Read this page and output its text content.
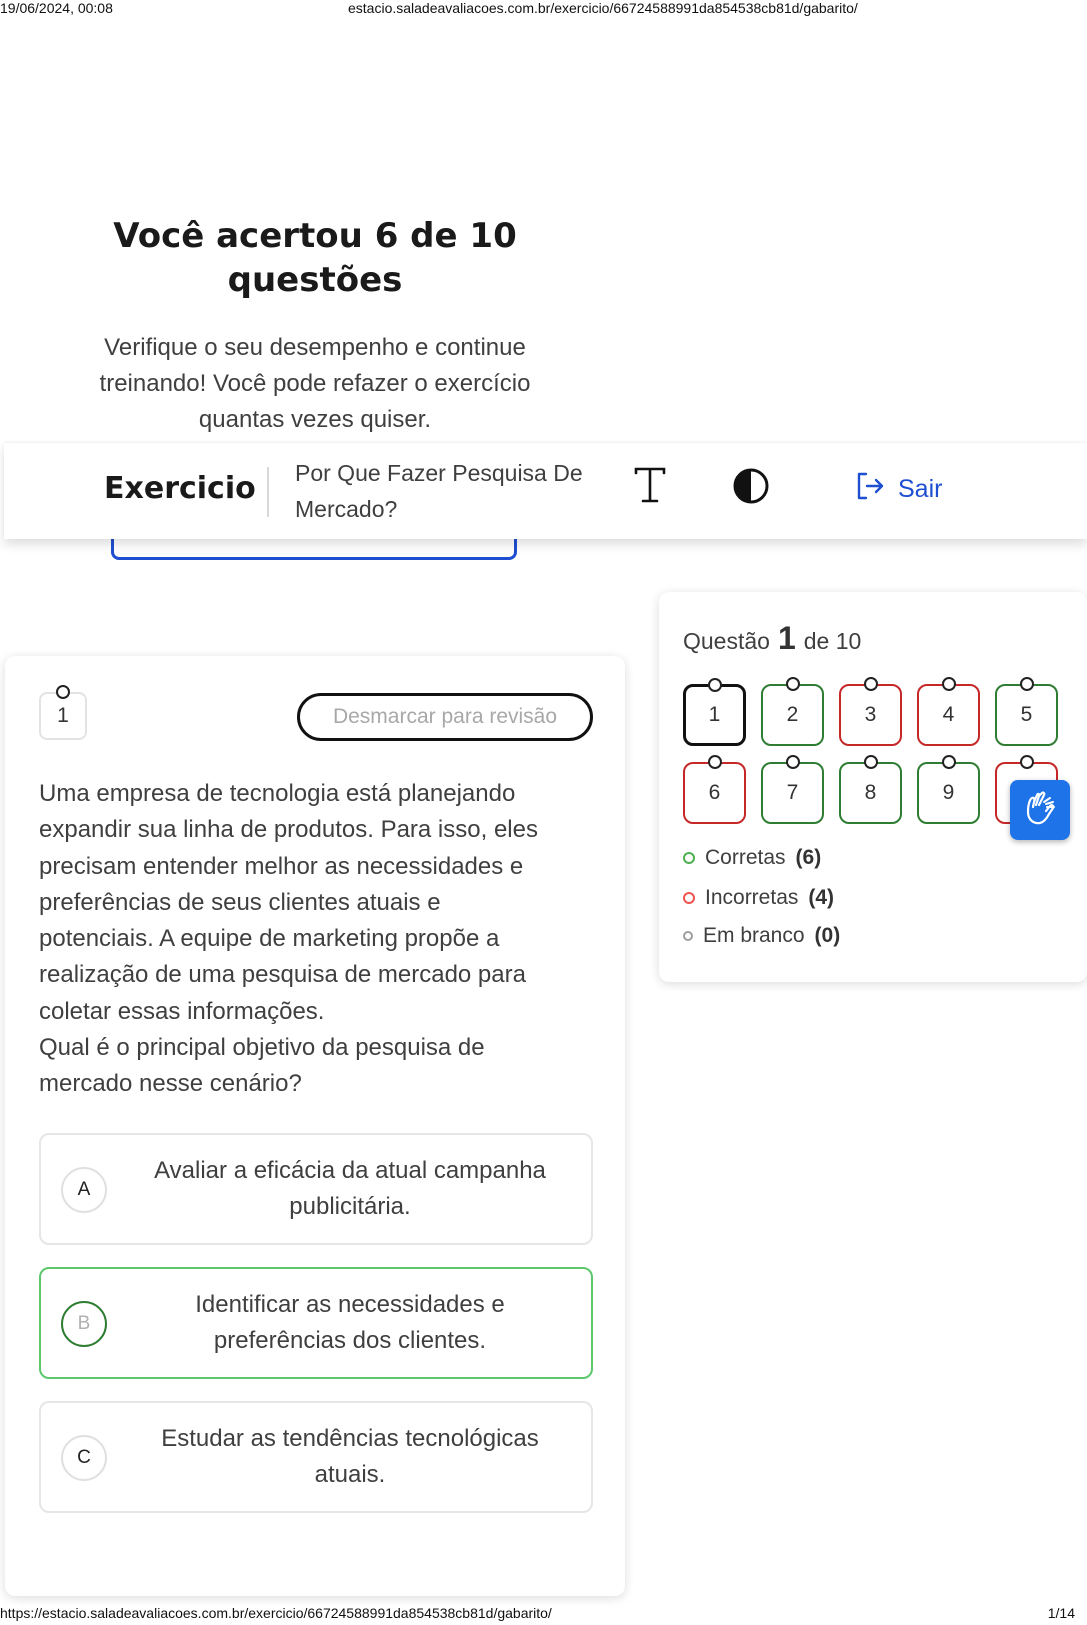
19/06/2024, 00:08	estacio.saladeavaliacoes.com.br/exercicio/66724588991da854538cb81d/gabarito/
Você acertou 6 de 10 questões

Verifique o seu desempenho e continue treinando! Você pode refazer o exercício quantas vezes quiser.

Exercicio Por Que Fazer Pesquisa De Mercado?
Sair
1	Desmarcar para revisão
Uma empresa de tecnologia está planejando
expandir sua linha de produtos. Para isso, eles
precisam entender melhor as necessidades e
preferências de seus clientes atuais e
potenciais. A equipe de marketing propõe a
realização de uma pesquisa de mercado para
coletar essas informações.
Qual é o principal objetivo da pesquisa de
mercado nesse cenário?
A
Avaliar a eficácia da atual campanha publicitária.
B
Identificar as necessidades e preferências dos clientes.
C
Estudar as tendências tecnológicas atuais.
Questão 1 de 10
1	2	3	4	5
6	7	8	9
Corretas (6)
Incorretas (4)
Em branco (0)
https://estacio.saladeavaliacoes.com.br/exercicio/66724588991da854538cb81d/gabarito/	1/14
